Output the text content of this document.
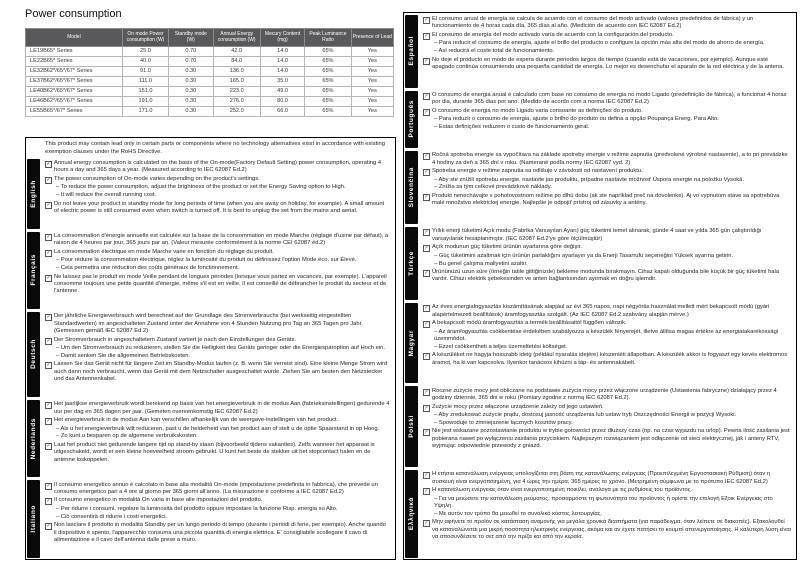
Power consumption
Model	On mode Power consumption (W)	Standby mode (W)	Annual Energy consumption (W)	Mecury Content (mg)	Peak Luminance Ratio	Presence of Lead
LE19B65* Series	25.0	0.70	42.0	14.0	65%	Yes
LE22B65* Series	40.0	0.70	84.0	14.0	65%	Yes
LE32B62*/65*/67* Series	91.0	0.30	136.0	14.0	65%	Yes
LE37B62*/65*/67* Series	111.0	0.30	165.0	35.0	65%	Yes
LE40B62*/65*/67* Series	151.0	0.30	223.0	49.0	65%	Yes
LE46B62*/65*/67* Series	191.0	0.30	276.0	80.0	65%	Yes
LE55B65*/67* Series	171.0	0.30	252.0	66.0	65%	Yes
This product may contain lead only in certain parts or components where no technology alternatives exist in accordance with existing exemption clauses under the RoHS Directive.
English
✓ Annual energy consumption is calculated on the basis of the On-mode(Factory Default Setting) power consumption, operating 4 hours a day and 365 days a year. (Measured according to IEC 62087 Ed.2)
✓ The power consumption of On-mode varies depending on the product's settings.
– To reduce the power consumption, adjust the brightness of the product or set the Energy Saving option to High.
– It will reduce the overall running cost.
✓ Do not leave your product in standby mode for long periods of time (when you are away on holiday, for example). A small amount of electric power is still consumed even when switch is turned off. It is best to unplug the set from the mains and aerial.
Français
✓ La consommation d'énergie annuelle est calculée sur la base de la consommation en mode Marche (réglage d'usine par défaut), à raison de 4 heures par jour, 365 jours par an. (Valeur mesurée conformément à la norme CEI 62087 éd.2)
✓ La consommation électrique en mode Marche varie en fonction du réglage du produit.
– Pour réduire la consommation électrique, réglez la luminosité du produit ou définissez l'option Mode éco. sur Élevé.
– Cela permettra une réduction des coûts généraux de fonctionnement.
✓ Ne laissez pas le produit en mode Veille pendant de longues périodes (lorsque vous partez en vacances, par exemple). L'appareil consomme toujours une petite quantité d'énergie, même s'il est en veille. Il est conseillé de débrancher le produit du secteur et de l'antenne.
Deutsch
✓ Der jährliche Energieverbrauch wird berechnet auf der Grundlage des Stromverbrauchs (bei werkseitig eingestellten Standardwerten) im angeschalteten Zustand unter der Annahme von 4 Stunden Nutzung pro Tag an 365 Tagen pro Jahr. (Gemessen gemäß IEC 62087 Ed.2)
✓ Der Stromverbrauch in angeschaltetem Zustand variiert je nach den Einstellungen des Geräts.
– Um den Stromverbrauch zu reduzieren, stellen Sie die Helligkeit des Geräts geringer oder die Energiesparoption auf Hoch ein.
– Damit senken Sie die allgemeinen Betriebskosten.
✓ Lassen Sie das Gerät nicht für längere Zeit im Standby-Modus laufen (z. B. wenn Sie verreist sind). Eine kleine Menge Strom wird auch dann noch verbraucht, wenn das Gerät mit dem Netzschalter ausgeschaltet wurde. Ziehen Sie am besten den Netzstecker und das Antennenkabel.
Nederlands
✓ Het jaarlijkse energieverbruik wordt berekend op basis van het energieverbruik in de modus Aan (fabrieksinstellingen) gedurende 4 uur per dag en 365 dagen per jaar. (Gemeten overeenkomstig IEC 62087 Ed.2)
✓ Het energieverbruik in de modus Aan kan verschillen afhankelijk van de weergave-instellingen van het product.
– Als u het energieverbruik wilt reduceren, past u de helderheid van het product aan of stelt u de optie Spaarstand in op Hoog.
– Zo kunt u besparen op de algemene verbruikskosten.
✓ Laat het product niet gedurende langere tijd op stand-by staan (bijvoorbeeld tijdens vakanties). Zelfs wanneer het apparaat is uitgeschakeld, wordt er een kleine hoeveelheid stroom gebruikt. U kunt het beste de stekker uit het stopcontact halen en de antenne loskoppelen.
Italiano
✓ Il consumo energetico annuo è calcolato in base alla modalità On-mode (impostazione predefinita in fabbrica), che prevede un consumo energetico pari a 4 ore al giorno per 365 giorni all'anno. (La misurazione è conforme a IEC 62087 Ed.2)
✓ Il consumo energetico in modalità On varia in base alle impostazioni del prodotto.
– Per ridurre i consumi, regolare la luminosità del prodotto oppure impostare la funzione Risp. energia su Alto.
– Ciò consentirà di ridurre i costi energetici.
✓ Non lasciare il prodotto in modalità Standby per un lungo periodo di tempo (durante i periodi di ferie, per esempio). Anche quando il dispositivo è spento, l'apparecchio consuma una piccola quantità di energia elettrica. E' consigliabile scollegare il cavo di alimentazione e il cavo dell'antenna dalle prese a muro.
Español
✓ El consumo anual de energía se calcula de acuerdo con el consumo del modo activado (valores predefinidos de fábrica) y un funcionamiento de 4 horas cada día, 365 días al año. (Medición de acuerdo con IEC 62087 Ed.2)
✓ El consumo de energía del modo activado varía de acuerdo con la configuración del producto.
– Para reducir el consumo de energía, ajuste el brillo del producto o configure la opción más alta del modo de ahorro de energía.
– Así reducirá el coste total de funcionamiento.
✓ No deje el producto en modo de espera durante periodos largos de tiempo (cuando está de vacaciones, por ejemplo). Aunque esté apagado continúa consumiendo una pequeña cantidad de energía. Lo mejor es desenchufar el aparato de la red eléctrica y de la antena.
Português
✓ O consumo de energia anual é calculado com base no consumo de energia no modo Ligado (predefinição de fábrica), a funcionar 4 horas por dia, durante 365 dias por ano. (Medido de acordo com a norma IEC 62087 Ed.2)
✓ O consumo de energia no modo Ligado varia consoante as definições do produto.
– Para reduzir o consumo de energia, ajuste o brilho do produto ou defina a opção Poupança Energ. Para Alto.
– Estas definições reduzem o custo de funcionamento geral.
Slovenčina
✓ Ročná spotreba energie sa vypočítava na základe spotreby energie v režime zapnutia (predvolené výrobné nastavenie), a to pri prevádzke 4 hodiny za deň a 365 dní v roku. (Namerané podľa normy IEC 62087 vyd. 2)
✓ Spotreba energie v režime zapnutia sa odlišuje v závislosti od nastavení produktu.
– Aby ste znížili spotrebu energie, nastavte jas produktu, prípadne nastavte možnosť Úspora energie na položku Vysoká.
– Znížia sa tým celkové prevádzkové náklady.
✓ Produkt nenechávajte v pohotovostnom režime po dlhú dobu (ak ste napríklad preč na dovolenke). Aj vo vypnutom stave sa spotrebúva malé množstvo elektrickej energie. Najlepšie je odpojiť prístroj od zásuvky a antény.
Türkçe
✓ Yıllık enerji tüketimi Açık modu (Fabrika Varsayılan Ayarı) güç tüketimi temel alınarak, günde 4 saat ve yılda 365 gün çalıştırıldığı varsayılarak hesaplanmıştır. (IEC 62087 Ed.2'ye göre ölçülmüştür)
✓ Açık modunun güç tüketimi ürünün ayarlarına göre değişir.
– Güç tüketimini azaltmak için ürünün parlaklığını ayarlayın ya da Enerji Tasarrufu seçeneğini Yüksek ayarına getirin.
– Bu genel çalışma maliyetini azaltır.
✓ Ürününüzü uzun süre (örneğin tatile gittiğinizde) bekleme modunda bırakmayın. Cihaz kapalı olduğunda bile küçük bir güç tüketimi hala vardır. Cihazı elektrik şebekesinden ve anten bağlantısından ayırmak en doğru işlemdir.
Magyar
✓ Az éves energiafogyasztás kiszámításának alapjául az évi 365 napos, napi négyórás használat mellett mért bekapcsolt módú (gyári alapértelmezett beállítások) áramfogyasztás szolgált. (Az IEC 62087 Ed.2 szabvány alapján mérve.)
✓ A bekapcsolt módú áramfogyasztás a termék beállításaitól függően változik.
– Az áramfogyasztás csökkentése érdekében szabályozza a készülék fényerejét, illetve állítsa magas értékre az energiatakarékossági üzemmódot.
– Ezzel csökkentheti a teljes üzemeltetési költséget.
✓ A készüléket ne hagyja hosszabb ideig (például nyaralás idejére) készenléti állapotban. A készülék akkor is fogyaszt egy kevés elektromos áramot, ha ki van kapcsolva. Ilyenkor tanácsos kihúzni a táp- és antennakábelt.
Polski
✓ Roczne zużycie mocy jest obliczane na podstawie zużycia mocy przez włączone urządzenie (Ustawienia fabryczne) działający przez 4 godziny dziennie, 365 dni w roku (Pomiary zgodne z normą IEC 62087 Ed.2).
✓ Zużycie mocy przez włączone urządzenie zależy od jego ustawień.
– Aby zredukować zużycie prądu, dostosuj jasność urządzenia lub ustaw tryb Oszczędności Energii w pozycji Wysoki.
– Spowoduje to zmniejszenie łącznych kosztów pracy.
✓ Nie jest wskazane pozostawianie produktu w trybie gotowości przez dłuższy czas (np. na czas wyjazdu na urlop). Pewna ilość zasilania jest pobierana nawet po wyłączeniu zasilania przyciskiem. Najlepszym rozwiązaniem jest odłączenie od sieci elektrycznej, jak i anteny RTV, wyjmując odpowiednie przewody z gniazd.
Ελληνικά
✓ Η ετήσια κατανάλωση ενέργειας υπολογίζεται στη βάση της κατανάλωσης ενέργειας (Προεπιλεγμένη Εργοστασιακή Ρύθμιση) όταν η συσκευή είναι ενεργοποιημένη, για 4 ώρες την ημέρα, 365 ημέρες το χρόνο. (Μετρημένη σύμφωνα με το πρότυπο IEC 62087 Ed.2)
✓ Η κατανάλωση ενέργειας όταν είναι ενεργοποιημένη ποικίλει, ανάλογα με τις ρυθμίσεις του προϊόντος.
– Για να μειώσετε την κατανάλωση ρεύματος, προσαρμόστε τη φωτεινότητα του προϊόντος ή ορίστε την επιλογή Εξοικ Ενέργειας στο Υψηλή.
– Με αυτόν τον τρόπο θα μειωθεί το συνολικό κόστος λειτουργίας.
✓ Μην αφήνετε το προϊόν σε κατάσταση αναμονής για μεγάλα χρονικά διαστήματα (για παράδειγμα, όταν λείπετε σε διακοπές). Εξακολουθεί να καταναλώνεται μια μικρή ποσότητα ηλεκτρικής ενέργειας, ακόμα και αν έχετε πατήσει το κουμπί απενεργοποίησης. Η καλύτερη λύση είναι να αποσυνδέσετε το σετ από την πρίζα και από την κεραία.
